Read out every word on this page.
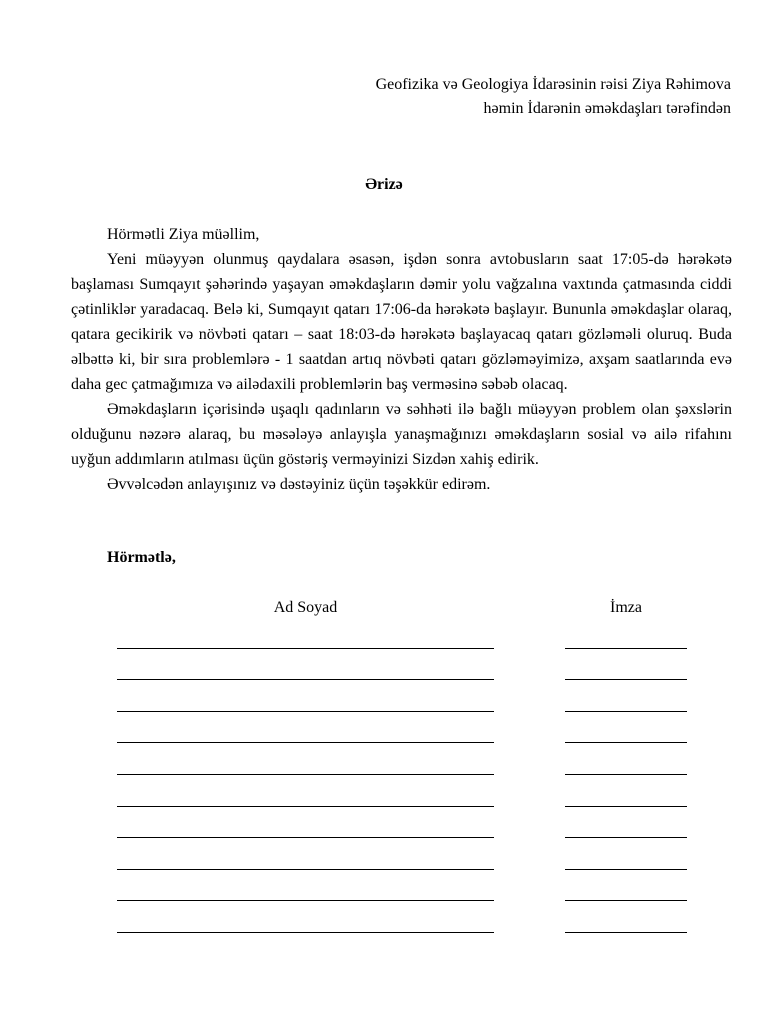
Geofizika və Geologiya İdarəsinin rəisi Ziya Rəhimova
həmin İdarənin əməkdaşları tərəfindən
Ərizə

Hörmətli Ziya müəllim,

Yeni müəyyən olunmuş qaydalara əsasən, işdən sonra avtobusların saat 17:05-də hərəkətə başlaması Sumqayıt şəhərində yaşayan əməkdaşların dəmir yolu vağzalına vaxtında çatmasında ciddi çətinliklər yaradacaq. Belə ki, Sumqayıt qatarı 17:06-da hərəkətə başlayır. Bununla əməkdaşlar olaraq, qatara gecikirik və növbəti qatarı – saat 18:03-də hərəkətə başlayacaq qatarı gözləməli oluruq. Buda əlbəttə ki, bir sıra problemlərə - 1 saatdan artıq növbəti qatarı gözləməyimizə, axşam saatlarında evə daha gec çatmağımıza və ailədaxili problemlərin baş verməsinə səbəb olacaq.

Əməkdaşların içərisində uşaqlı qadınların və səhhəti ilə bağlı müəyyən problem olan şəxslərin olduğunu nəzərə alaraq, bu məsələyə anlayışla yanaşmağınızı əməkdaşların sosial və ailə rifahını uyğun addımların atılması üçün göstəriş verməyinizi Sizdən xahiş edirik.

Əvvəlcədən anlayışınız və dəstəyiniz üçün təşəkkür edirəm.

Hörmətlə,
Ad Soyad	İmza
